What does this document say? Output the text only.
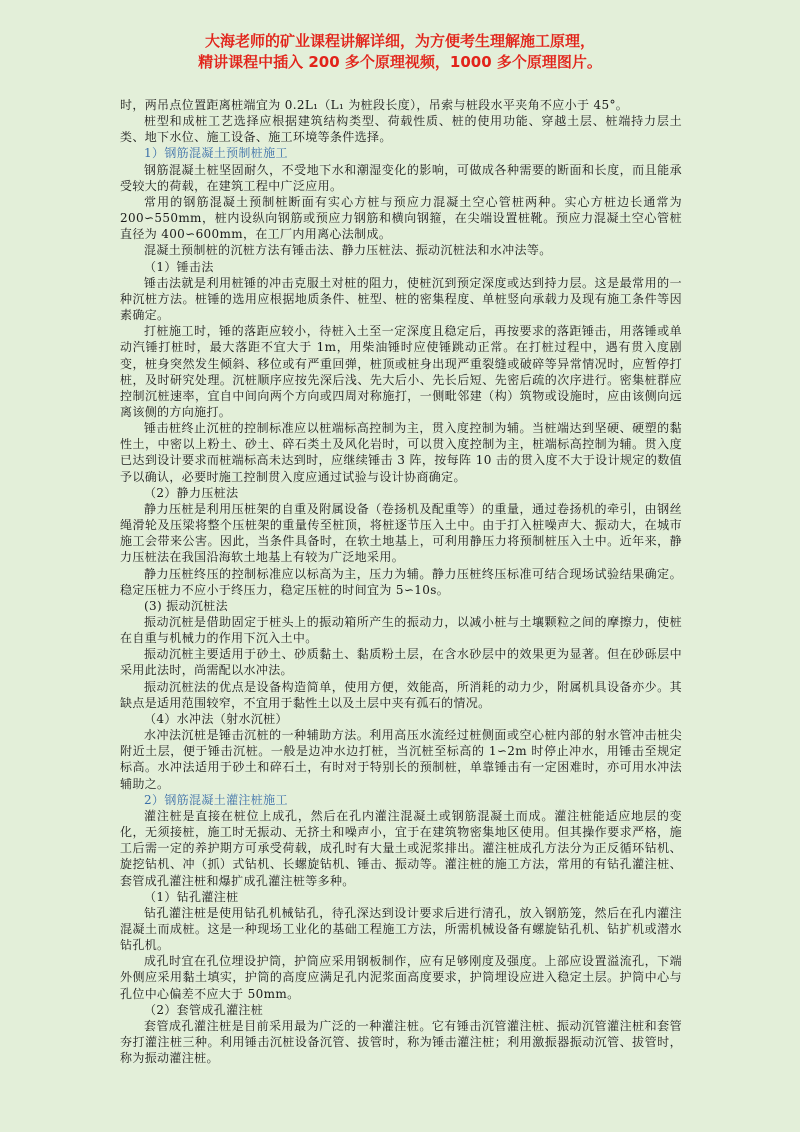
大海老师的矿业课程讲解详细，为方便考生理解施工原理，
精讲课程中插入 200 多个原理视频，1000 多个原理图片。

时，两吊点位置距离桩端宜为 0.2L₁（L₁ 为桩段长度），吊索与桩段水平夹角不应小于 45°。

桩型和成桩工艺选择应根据建筑结构类型、荷载性质、桩的使用功能、穿越土层、桩端持力层土类、地下水位、施工设备、施工环境等条件选择。

1）钢筋混凝土预制桩施工

钢筋混凝土桩坚固耐久，不受地下水和潮湿变化的影响，可做成各种需要的断面和长度，而且能承受较大的荷载，在建筑工程中广泛应用。

常用的钢筋混凝土预制桩断面有实心方桩与预应力混凝土空心管桩两种。实心方桩边长通常为 200∽550mm，桩内设纵向钢筋或预应力钢筋和横向钢箍，在尖端设置桩靴。预应力混凝土空心管桩直径为 400∽600mm，在工厂内用离心法制成。

混凝土预制桩的沉桩方法有锤击法、静力压桩法、振动沉桩法和水冲法等。

（1）锤击法

锤击法就是利用桩锤的冲击克服土对桩的阻力，使桩沉到预定深度或达到持力层。这是最常用的一种沉桩方法。桩锤的选用应根据地质条件、桩型、桩的密集程度、单桩竖向承载力及现有施工条件等因素确定。

打桩施工时，锤的落距应较小，待桩入土至一定深度且稳定后，再按要求的落距锤击，用落锤或单动汽锤打桩时，最大落距不宜大于 1m，用柴油锤时应使锤跳动正常。在打桩过程中，遇有贯入度剧变，桩身突然发生倾斜、移位或有严重回弹，桩顶或桩身出现严重裂缝或破碎等异常情况时，应暂停打桩，及时研究处理。沉桩顺序应按先深后浅、先大后小、先长后短、先密后疏的次序进行。密集桩群应控制沉桩速率，宜自中间向两个方向或四周对称施打，一侧毗邻建（构）筑物或设施时，应由该侧向远离该侧的方向施打。

锤击桩终止沉桩的控制标准应以桩端标高控制为主，贯入度控制为辅。当桩端达到坚硬、硬塑的黏性土，中密以上粉土、砂土、碎石类土及风化岩时，可以贯入度控制为主，桩端标高控制为辅。贯入度已达到设计要求而桩端标高未达到时，应继续锤击 3 阵，按每阵 10 击的贯入度不大于设计规定的数值予以确认，必要时施工控制贯入度应通过试验与设计协商确定。

（2）静力压桩法

静力压桩是利用压桩架的自重及附属设备（卷扬机及配重等）的重量，通过卷扬机的牵引，由钢丝绳滑轮及压梁将整个压桩架的重量传至桩顶，将桩逐节压入土中。由于打入桩噪声大、振动大，在城市施工会带来公害。因此，当条件具备时，在软土地基上，可利用静压力将预制桩压入土中。近年来，静力压桩法在我国沿海软土地基上有较为广泛地采用。

静力压桩终压的控制标准应以标高为主，压力为辅。静力压桩终压标准可结合现场试验结果确定。稳定压桩力不应小于终压力，稳定压桩的时间宜为 5∽10s。

(3) 振动沉桩法

振动沉桩是借助固定于桩头上的振动箱所产生的振动力，以减小桩与土壤颗粒之间的摩擦力，使桩在自重与机械力的作用下沉入土中。

振动沉桩主要适用于砂土、砂质黏土、黏质粉土层，在含水砂层中的效果更为显著。但在砂砾层中采用此法时，尚需配以水冲法。

振动沉桩法的优点是设备构造简单，使用方便，效能高，所消耗的动力少，附属机具设备亦少。其缺点是适用范围较窄，不宜用于黏性土以及土层中夹有孤石的情况。

（4）水冲法（射水沉桩）

水冲法沉桩是锤击沉桩的一种辅助方法。利用高压水流经过桩侧面或空心桩内部的射水管冲击桩尖附近土层，便于锤击沉桩。一般是边冲水边打桩，当沉桩至标高的 1∽2m 时停止冲水，用锤击至规定标高。水冲法适用于砂土和碎石土，有时对于特别长的预制桩，单靠锤击有一定困难时，亦可用水冲法辅助之。

2）钢筋混凝土灌注桩施工

灌注桩是直接在桩位上成孔，然后在孔内灌注混凝土或钢筋混凝土而成。灌注桩能适应地层的变化，无须接桩，施工时无振动、无挤土和噪声小，宜于在建筑物密集地区使用。但其操作要求严格，施工后需一定的养护期方可承受荷载，成孔时有大量土或泥浆排出。灌注桩成孔方法分为正反循环钻机、旋挖钻机、冲（抓）式钻机、长螺旋钻机、锤击、振动等。灌注桩的施工方法，常用的有钻孔灌注桩、套管成孔灌注桩和爆扩成孔灌注桩等多种。

（1）钻孔灌注桩

钻孔灌注桩是使用钻孔机械钻孔，待孔深达到设计要求后进行清孔，放入钢筋笼，然后在孔内灌注混凝土而成桩。这是一种现场工业化的基础工程施工方法，所需机械设备有螺旋钻孔机、钻扩机或潜水钻孔机。

成孔时宜在孔位埋设护筒，护筒应采用钢板制作，应有足够刚度及强度。上部应设置溢流孔，下端外侧应采用黏土填实，护筒的高度应满足孔内泥浆面高度要求，护筒埋设应进入稳定土层。护筒中心与孔位中心偏差不应大于 50mm。

（2）套管成孔灌注桩

套管成孔灌注桩是目前采用最为广泛的一种灌注桩。它有锤击沉管灌注桩、振动沉管灌注桩和套管夯打灌注桩三种。利用锤击沉桩设备沉管、拔管时，称为锤击灌注桩；利用激振器振动沉管、拔管时，称为振动灌注桩。
